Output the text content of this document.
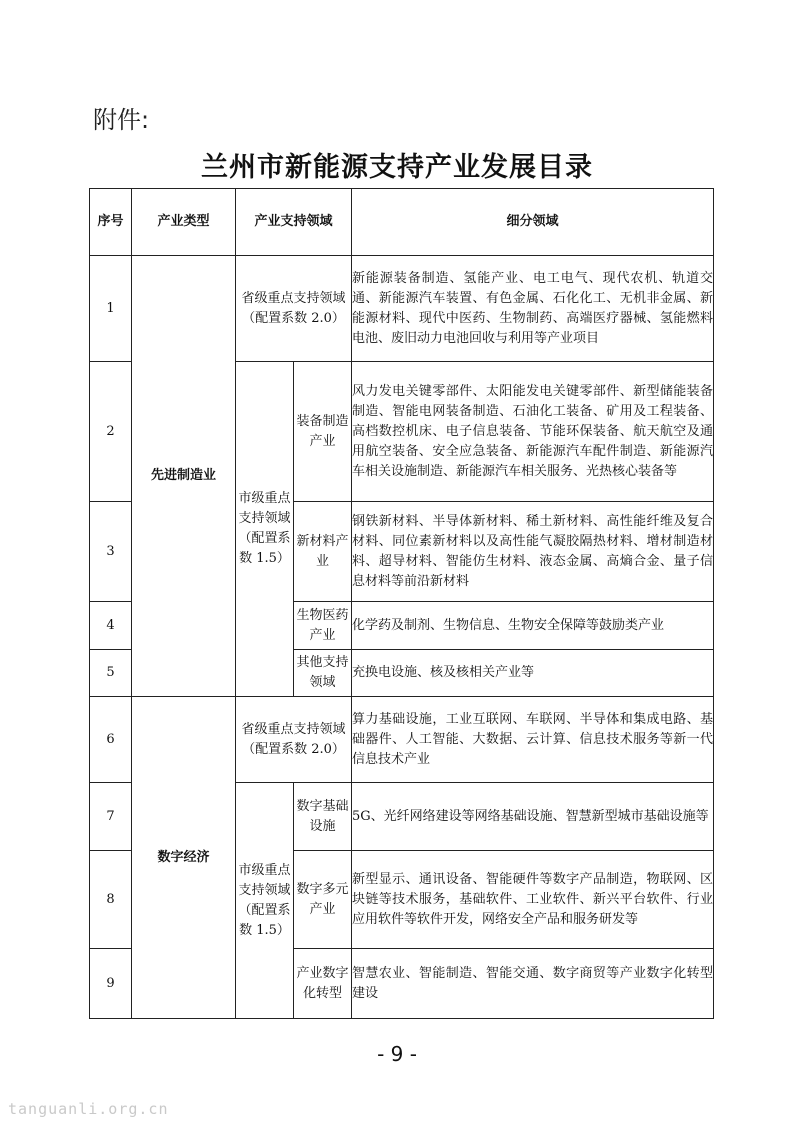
附件:
兰州市新能源支持产业发展目录
序号	产业类型	产业支持领域		细分领域
1	先进制造业	省级重点支持领域（配置系数 2.0）		新能源装备制造、氢能产业、电工电气、现代农机、轨道交通、新能源汽车装置、有色金属、石化化工、无机非金属、新能源材料、现代中医药、生物制药、高端医疗器械、氢能燃料电池、废旧动力电池回收与利用等产业项目
2		市级重点支持领域（配置系数 1.5）	装备制造产业	风力发电关键零部件、太阳能发电关键零部件、新型储能装备制造、智能电网装备制造、石油化工装备、矿用及工程装备、高档数控机床、电子信息装备、节能环保装备、航天航空及通用航空装备、安全应急装备、新能源汽车配件制造、新能源汽车相关设施制造、新能源汽车相关服务、光热核心装备等
3			新材料产业	钢铁新材料、半导体新材料、稀土新材料、高性能纤维及复合材料、同位素新材料以及高性能气凝胶隔热材料、增材制造材料、超导材料、智能仿生材料、液态金属、高熵合金、量子信息材料等前沿新材料
4			生物医药产业	化学药及制剂、生物信息、生物安全保障等鼓励类产业
5			其他支持领域	充换电设施、核及核相关产业等
6	数字经济	省级重点支持领域（配置系数 2.0）		算力基础设施，工业互联网、车联网、半导体和集成电路、基础器件、人工智能、大数据、云计算、信息技术服务等新一代信息技术产业
7		市级重点支持领域（配置系数 1.5）	数字基础设施	5G、光纤网络建设等网络基础设施、智慧新型城市基础设施等
8			数字多元产业	新型显示、通讯设备、智能硬件等数字产品制造，物联网、区块链等技术服务，基础软件、工业软件、新兴平台软件、行业应用软件等软件开发，网络安全产品和服务研发等
9			产业数字化转型	智慧农业、智能制造、智能交通、数字商贸等产业数字化转型建设
- 9 -
tanguanli.org.cn
